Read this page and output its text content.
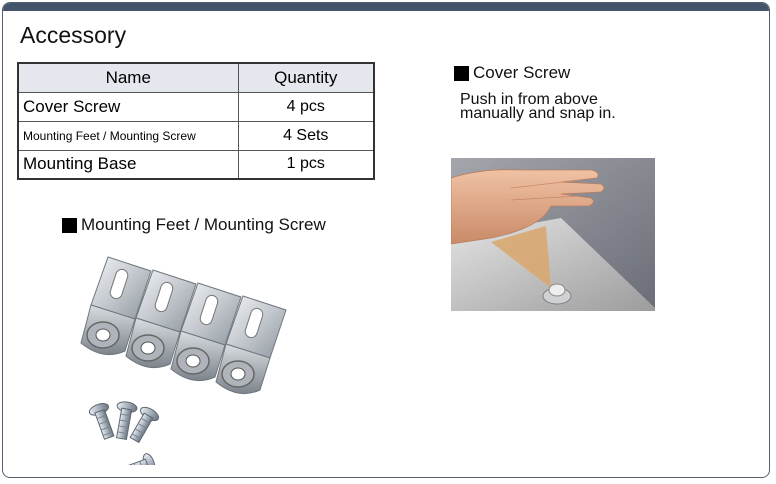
Accessory
Name	Quantity
Cover Screw	4 pcs
Mounting Feet / Mounting Screw	4 Sets
Mounting Base	1 pcs
Mounting Feet / Mounting Screw
Cover Screw
Push in from above manually and snap in.
